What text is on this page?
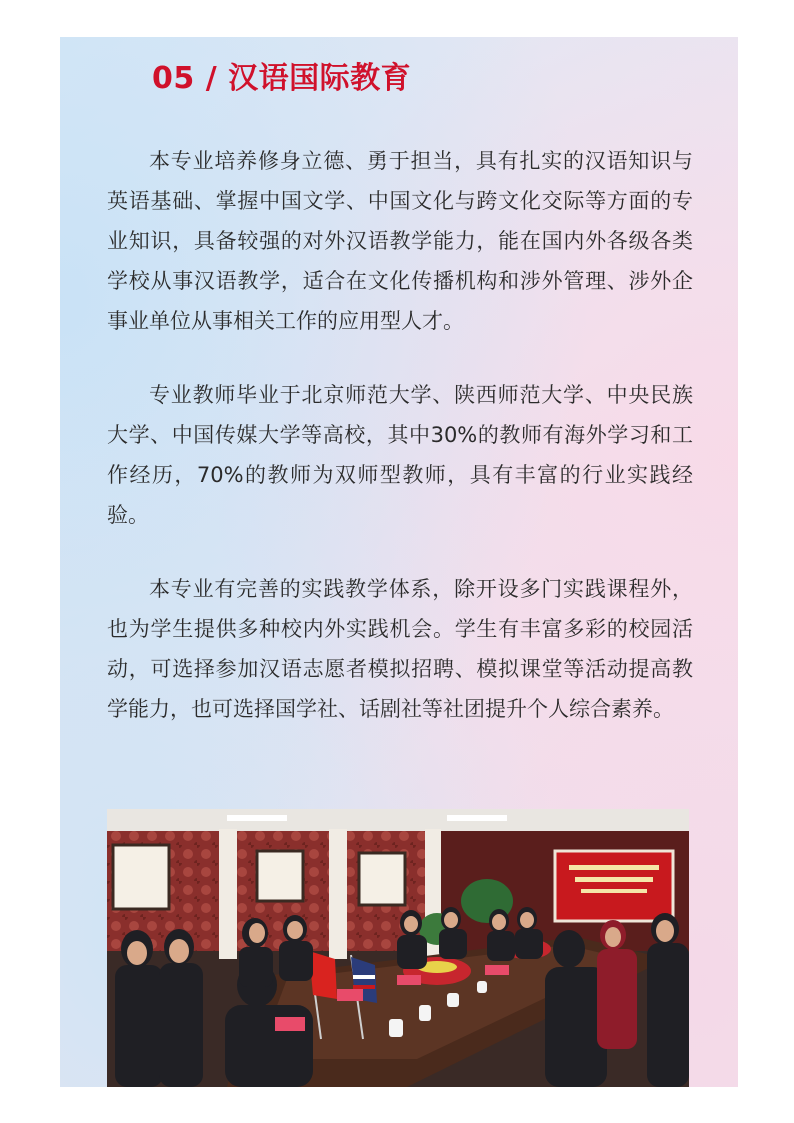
05 / 汉语国际教育

本专业培养修身立德、勇于担当，具有扎实的汉语知识与英语基础、掌握中国文学、中国文化与跨文化交际等方面的专业知识，具备较强的对外汉语教学能力，能在国内外各级各类学校从事汉语教学，适合在文化传播机构和涉外管理、涉外企事业单位从事相关工作的应用型人才。

专业教师毕业于北京师范大学、陕西师范大学、中央民族大学、中国传媒大学等高校，其中30%的教师有海外学习和工作经历，70%的教师为双师型教师，具有丰富的行业实践经验。

本专业有完善的实践教学体系，除开设多门实践课程外，也为学生提供多种校内外实践机会。学生有丰富多彩的校园活动，可选择参加汉语志愿者模拟招聘、模拟课堂等活动提高教学能力，也可选择国学社、话剧社等社团提升个人综合素养。
